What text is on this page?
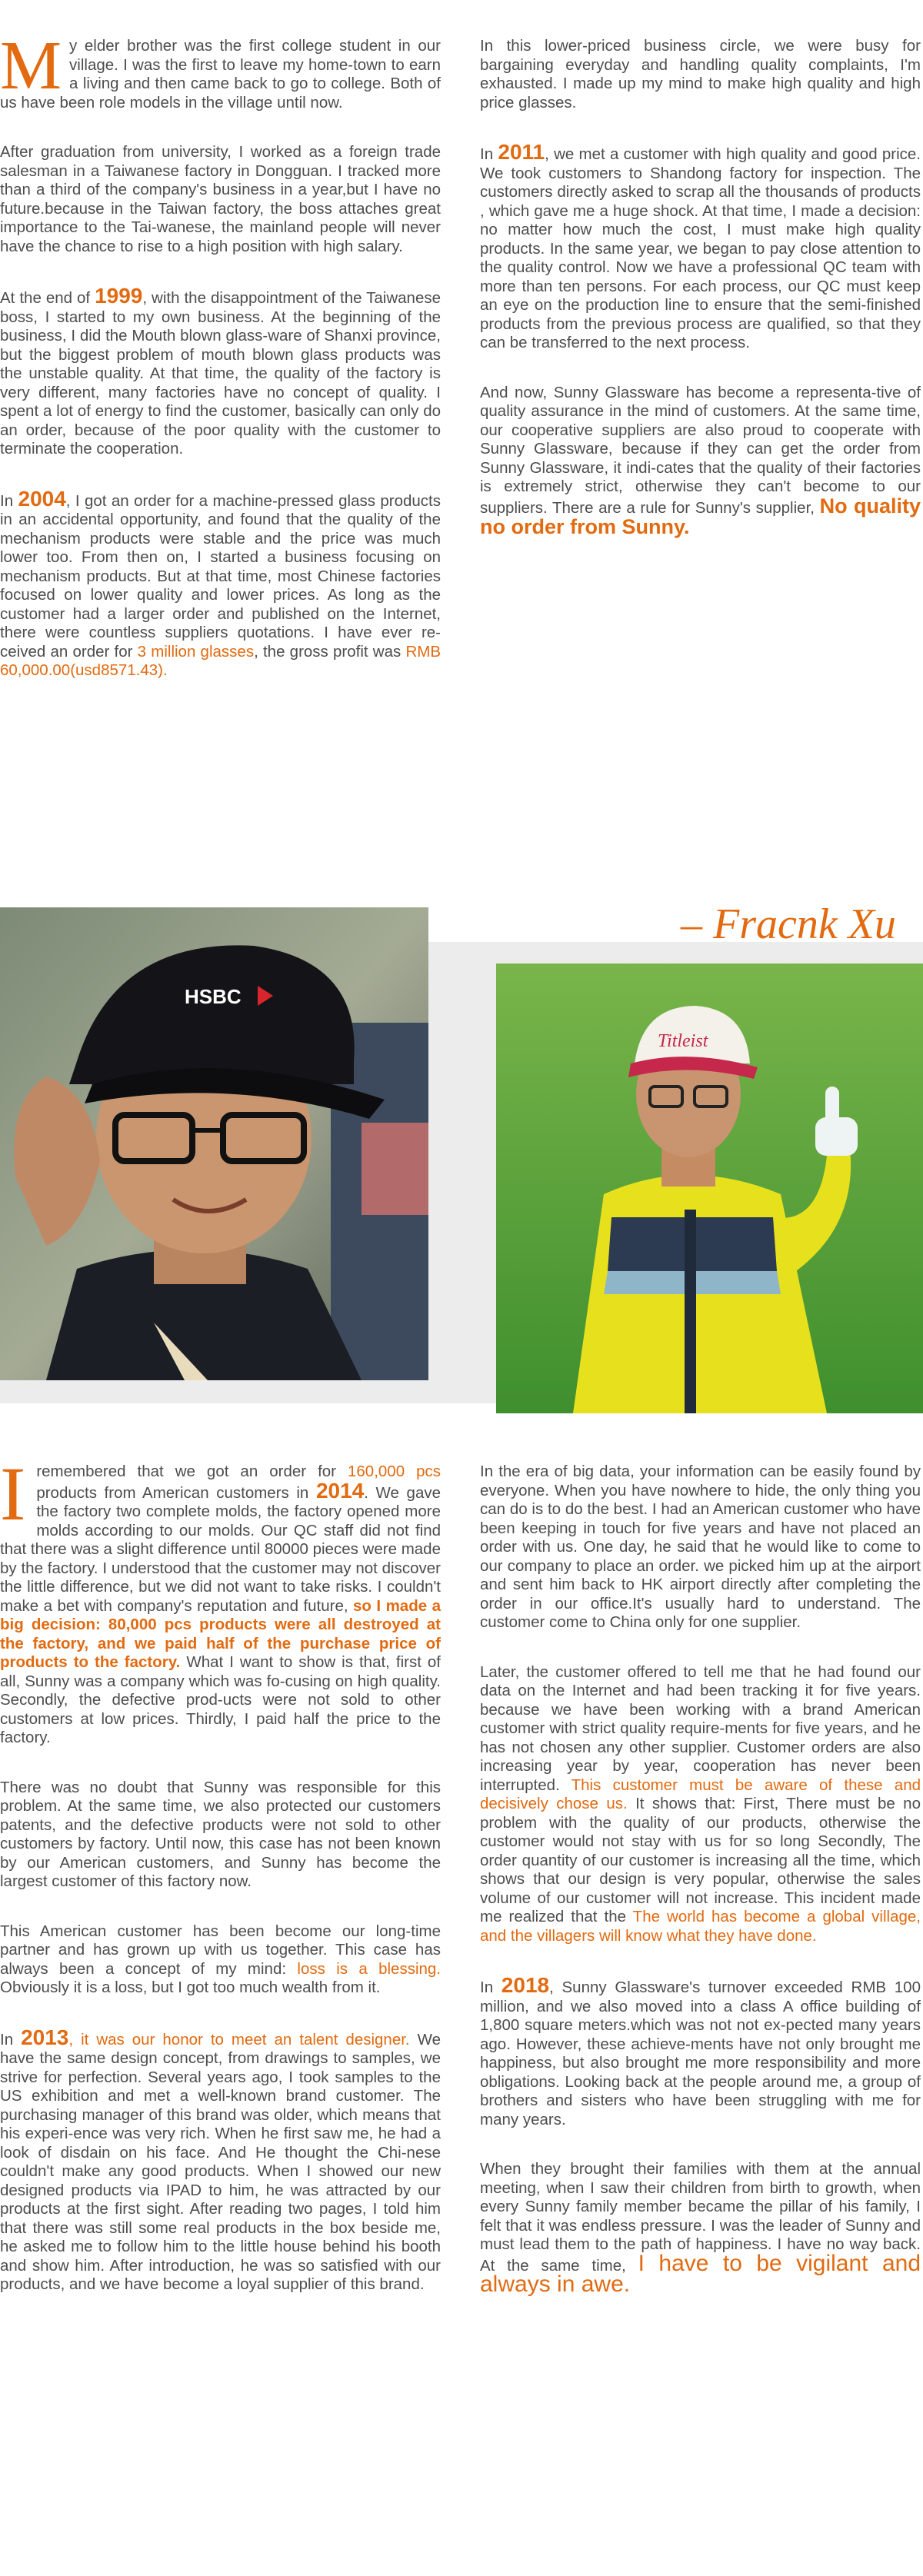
My elder brother was the first college student in our village. I was the first to leave my home-town to earn a living and then came back to go to college. Both of us have been role models in the village until now.

After graduation from university, I worked as a foreign trade salesman in a Taiwanese factory in Dongguan. I tracked more than a third of the company's business in a year,but I have no future.because in the Taiwan factory, the boss attaches great importance to the Tai-wanese, the mainland people will never have the chance to rise to a high position with high salary.

At the end of 1999, with the disappointment of the Taiwanese boss, I started to my own business. At the beginning of the business, I did the Mouth blown glass-ware of Shanxi province, but the biggest problem of mouth blown glass products was the unstable quality. At that time, the quality of the factory is very different, many factories have no concept of quality. I spent a lot of energy to find the customer, basically can only do an order, because of the poor quality with the customer to terminate the cooperation.

In 2004, I got an order for a machine-pressed glass products in an accidental opportunity, and found that the quality of the mechanism products were stable and the price was much lower too. From then on, I started a business focusing on mechanism products. But at that time, most Chinese factories focused on lower quality and lower prices. As long as the customer had a larger order and published on the Internet, there were countless suppliers quotations. I have ever re-ceived an order for 3 million glasses, the gross profit was RMB 60,000.00(usd8571.43).

In this lower-priced business circle, we were busy for bargaining everyday and handling quality complaints, I'm exhausted. I made up my mind to make high quality and high price glasses.

In 2011, we met a customer with high quality and good price. We took customers to Shandong factory for inspection. The customers directly asked to scrap all the thousands of products , which gave me a huge shock. At that time, I made a decision: no matter how much the cost, I must make high quality products. In the same year, we began to pay close attention to the quality control. Now we have a professional QC team with more than ten persons. For each process, our QC must keep an eye on the production line to ensure that the semi-finished products from the previous process are qualified, so that they can be transferred to the next process.

And now, Sunny Glassware has become a representa-tive of quality assurance in the mind of customers. At the same time, our cooperative suppliers are also proud to cooperate with Sunny Glassware, because if they can get the order from Sunny Glassware, it indi-cates that the quality of their factories is extremely strict, otherwise they can't become to our suppliers. There are a rule for Sunny's supplier, No quality no order from Sunny.

– Fracnk Xu
HSBC
Titleist

Iremembered that we got an order for 160,000 pcs products from American customers in 2014. We gave the factory two complete molds, the factory opened more molds according to our molds. Our QC staff did not find that there was a slight difference until 80000 pieces were made by the factory. I understood that the customer may not discover the little difference, but we did not want to take risks. I couldn't make a bet with company's reputation and future, so I made a big decision: 80,000 pcs products were all destroyed at the factory, and we paid half of the purchase price of products to the factory. What I want to show is that, first of all, Sunny was a company which was fo-cusing on high quality. Secondly, the defective prod-ucts were not sold to other customers at low prices. Thirdly, I paid half the price to the factory.

There was no doubt that Sunny was responsible for this problem. At the same time, we also protected our customers patents, and the defective products were not sold to other customers by factory. Until now, this case has not been known by our American customers, and Sunny has become the largest customer of this factory now.

This American customer has been become our long-time partner and has grown up with us together. This case has always been a concept of my mind: loss is a blessing. Obviously it is a loss, but I got too much wealth from it.

In 2013, it was our honor to meet an talent designer. We have the same design concept, from drawings to samples, we strive for perfection. Several years ago, I took samples to the US exhibition and met a well-known brand customer. The purchasing manager of this brand was older, which means that his experi-ence was very rich. When he first saw me, he had a look of disdain on his face. And He thought the Chi-nese couldn't make any good products. When I showed our new designed products via IPAD to him, he was attracted by our products at the first sight. After reading two pages, I told him that there was still some real products in the box beside me, he asked me to follow him to the little house behind his booth and show him. After introduction, he was so satisfied with our products, and we have become a loyal supplier of this brand.

In the era of big data, your information can be easily found by everyone. When you have nowhere to hide, the only thing you can do is to do the best. I had an American customer who have been keeping in touch for five years and have not placed an order with us. One day, he said that he would like to come to our company to place an order. we picked him up at the airport and sent him back to HK airport directly after completing the order in our office.It's usually hard to understand. The customer come to China only for one supplier.

Later, the customer offered to tell me that he had found our data on the Internet and had been tracking it for five years. because we have been working with a brand American customer with strict quality require-ments for five years, and he has not chosen any other supplier. Customer orders are also increasing year by year, cooperation has never been interrupted. This customer must be aware of these and decisively chose us. It shows that: First, There must be no problem with the quality of our products, otherwise the customer would not stay with us for so long Secondly, The order quantity of our customer is increasing all the time, which shows that our design is very popular, otherwise the sales volume of our customer will not increase. This incident made me realized that the The world has become a global village, and the villagers will know what they have done.

In 2018, Sunny Glassware's turnover exceeded RMB 100 million, and we also moved into a class A office building of 1,800 square meters.which was not not ex-pected many years ago. However, these achieve-ments have not only brought me happiness, but also brought me more responsibility and more obligations. Looking back at the people around me, a group of brothers and sisters who have been struggling with me for many years.

When they brought their families with them at the annual meeting, when I saw their children from birth to growth, when every Sunny family member became the pillar of his family, I felt that it was endless pressure. I was the leader of Sunny and must lead them to the path of happiness. I have no way back. At the same time, I have to be vigilant and always in awe.
